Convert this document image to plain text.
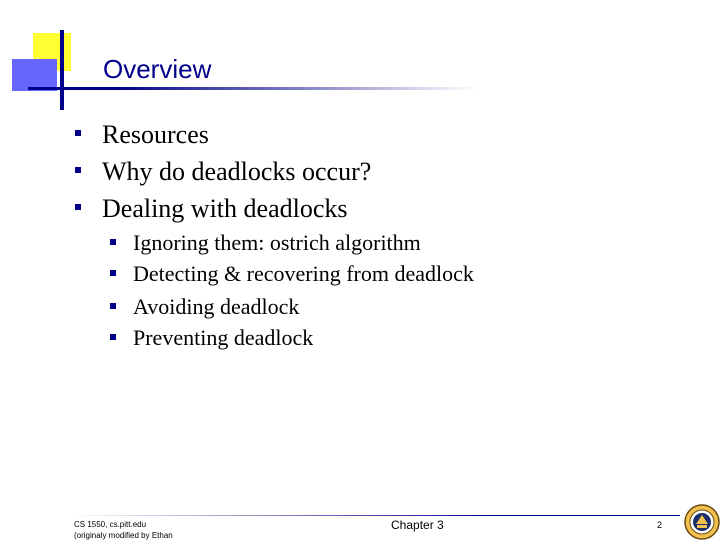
Overview
Resources
Why do deadlocks occur?
Dealing with deadlocks
Ignoring them: ostrich algorithm
Detecting & recovering from deadlock
Avoiding deadlock
Preventing deadlock
CS 1550, cs.pitt.edu
(originaly modified by Ethan
Chapter 3	2
